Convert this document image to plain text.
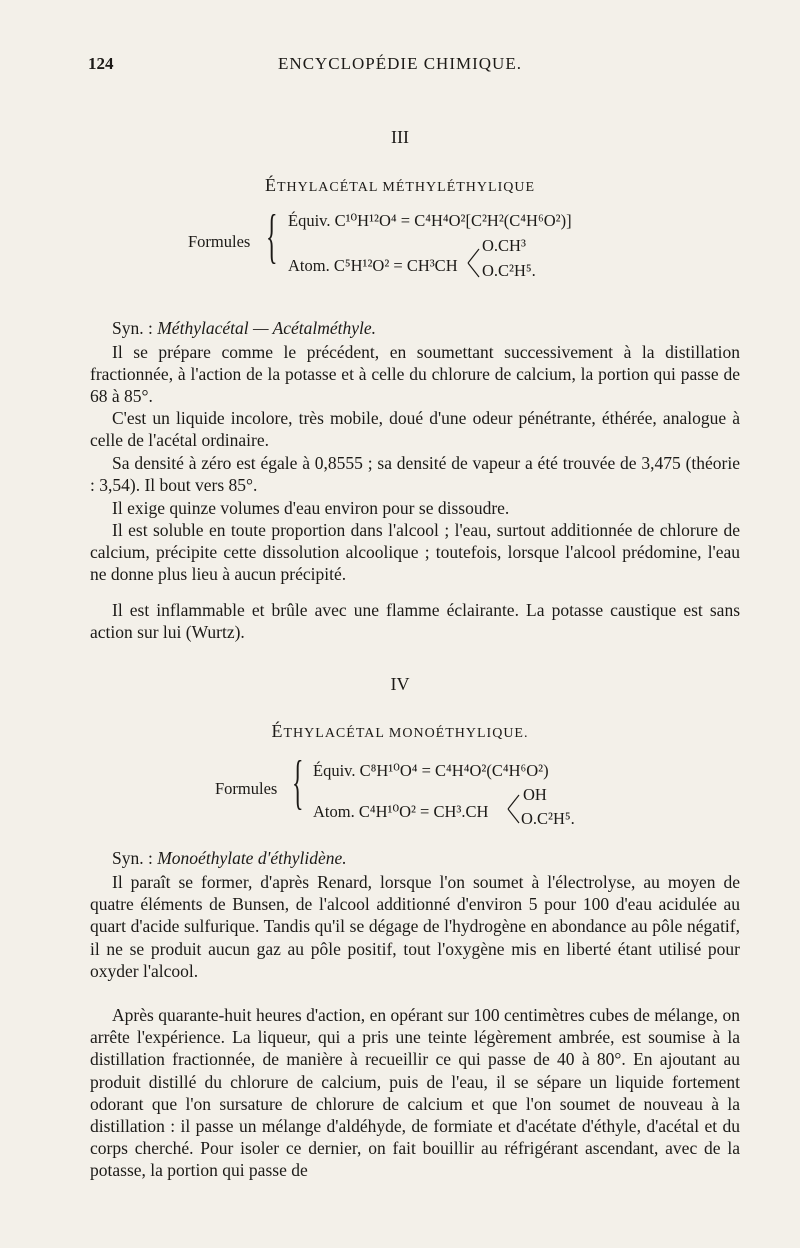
124	ENCYCLOPÉDIE CHIMIQUE.
III
ÉTHYLACÉTAL MÉTHYLÉTHYLIQUE
Formules { Équiv. C¹⁰H¹²O⁴ = C⁴H⁴O²[C²H²(C⁴H⁶O²)]
Atom. C⁵H¹²O² = CH³CH
O.CH³
O.C²H⁵.
Syn. : Méthylacétal — Acétalméthyle.

Il se prépare comme le précédent, en soumettant successivement à la distillation fractionnée, à l'action de la potasse et à celle du chlorure de calcium, la portion qui passe de 68 à 85°.

C'est un liquide incolore, très mobile, doué d'une odeur pénétrante, éthérée, analogue à celle de l'acétal ordinaire.

Sa densité à zéro est égale à 0,8555 ; sa densité de vapeur a été trouvée de 3,475 (théorie : 3,54). Il bout vers 85°.

Il exige quinze volumes d'eau environ pour se dissoudre.

Il est soluble en toute proportion dans l'alcool ; l'eau, surtout additionnée de chlorure de calcium, précipite cette dissolution alcoolique ; toutefois, lorsque l'alcool prédomine, l'eau ne donne plus lieu à aucun précipité.

Il est inflammable et brûle avec une flamme éclairante. La potasse caustique est sans action sur lui (Wurtz).

IV
ÉTHYLACÉTAL MONOÉTHYLIQUE.
Formules { Équiv. C⁸H¹⁰O⁴ = C⁴H⁴O²(C⁴H⁶O²)
Atom. C⁴H¹⁰O² = CH³.CH
OH
O.C²H⁵.
Syn. : Monoéthylate d'éthylidène.

Il paraît se former, d'après Renard, lorsque l'on soumet à l'électrolyse, au moyen de quatre éléments de Bunsen, de l'alcool additionné d'environ 5 pour 100 d'eau acidulée au quart d'acide sulfurique. Tandis qu'il se dégage de l'hydrogène en abondance au pôle négatif, il ne se produit aucun gaz au pôle positif, tout l'oxygène mis en liberté étant utilisé pour oxyder l'alcool.

Après quarante-huit heures d'action, en opérant sur 100 centimètres cubes de mélange, on arrête l'expérience. La liqueur, qui a pris une teinte légèrement ambrée, est soumise à la distillation fractionnée, de manière à recueillir ce qui passe de 40 à 80°. En ajoutant au produit distillé du chlorure de calcium, puis de l'eau, il se sépare un liquide fortement odorant que l'on sursature de chlorure de calcium et que l'on soumet de nouveau à la distillation : il passe un mélange d'aldéhyde, de formiate et d'acétate d'éthyle, d'acétal et du corps cherché. Pour isoler ce dernier, on fait bouillir au réfrigérant ascendant, avec de la potasse, la portion qui passe de
